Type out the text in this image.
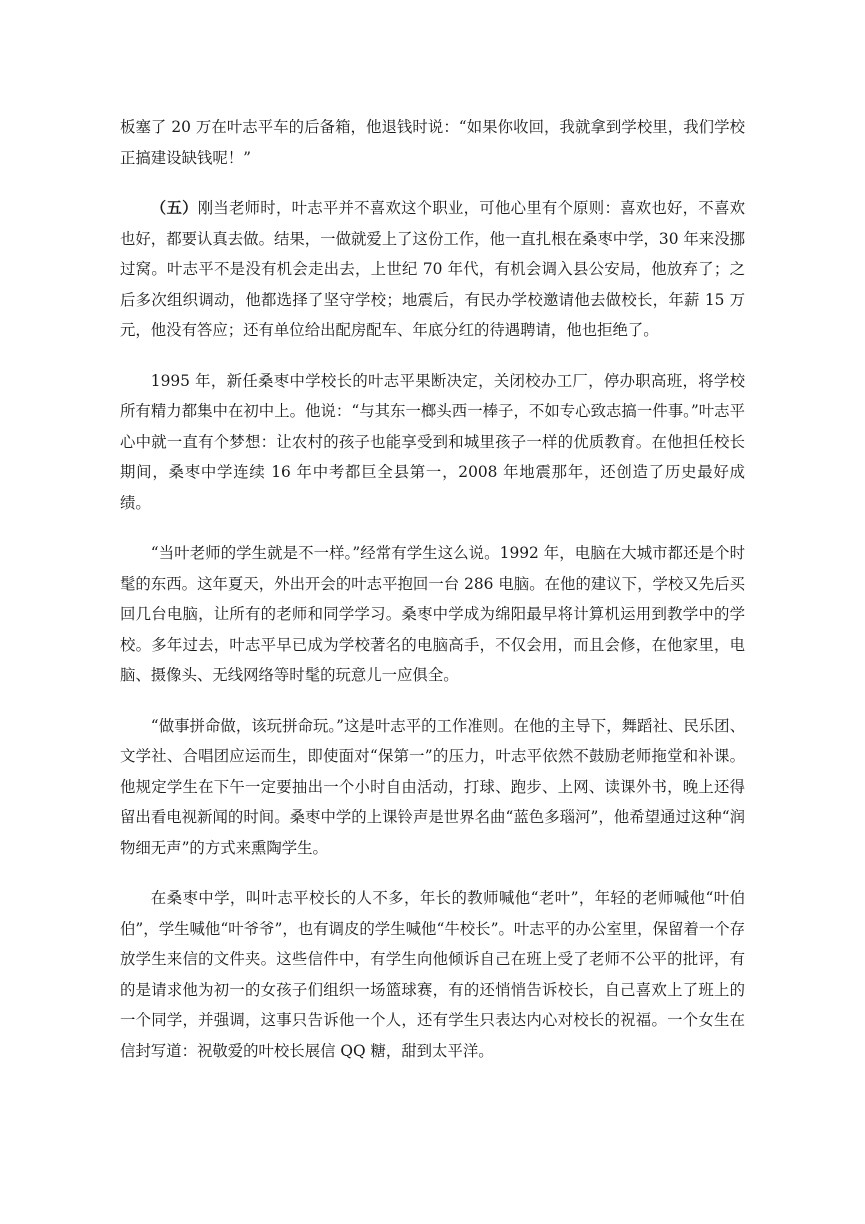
板塞了 20 万在叶志平车的后备箱，他退钱时说：“如果你收回，我就拿到学校里，我们学校正搞建设缺钱呢！”

（五）刚当老师时，叶志平并不喜欢这个职业，可他心里有个原则：喜欢也好，不喜欢也好，都要认真去做。结果，一做就爱上了这份工作，他一直扎根在桑枣中学，30 年来没挪过窝。叶志平不是没有机会走出去，上世纪 70 年代，有机会调入县公安局，他放弃了；之后多次组织调动，他都选择了坚守学校；地震后，有民办学校邀请他去做校长，年薪 15 万元，他没有答应；还有单位给出配房配车、年底分红的待遇聘请，他也拒绝了。

1995 年，新任桑枣中学校长的叶志平果断决定，关闭校办工厂，停办职高班，将学校所有精力都集中在初中上。他说：“与其东一榔头西一棒子，不如专心致志搞一件事。”叶志平心中就一直有个梦想：让农村的孩子也能享受到和城里孩子一样的优质教育。在他担任校长期间，桑枣中学连续 16 年中考都巨全县第一，2008 年地震那年，还创造了历史最好成绩。

“当叶老师的学生就是不一样。”经常有学生这么说。1992 年，电脑在大城市都还是个时髦的东西。这年夏天，外出开会的叶志平抱回一台 286 电脑。在他的建议下，学校又先后买回几台电脑，让所有的老师和同学学习。桑枣中学成为绵阳最早将计算机运用到教学中的学校。多年过去，叶志平早已成为学校著名的电脑高手，不仅会用，而且会修，在他家里，电脑、摄像头、无线网络等时髦的玩意儿一应俱全。

“做事拼命做，该玩拼命玩。”这是叶志平的工作准则。在他的主导下，舞蹈社、民乐团、文学社、合唱团应运而生，即使面对“保第一”的压力，叶志平依然不鼓励老师拖堂和补课。他规定学生在下午一定要抽出一个小时自由活动，打球、跑步、上网、读课外书，晚上还得留出看电视新闻的时间。桑枣中学的上课铃声是世界名曲“蓝色多瑙河”，他希望通过这种“润物细无声”的方式来熏陶学生。

在桑枣中学，叫叶志平校长的人不多，年长的教师喊他“老叶”，年轻的老师喊他“叶伯伯”，学生喊他“叶爷爷”，也有调皮的学生喊他“牛校长”。叶志平的办公室里，保留着一个存放学生来信的文件夹。这些信件中，有学生向他倾诉自己在班上受了老师不公平的批评，有的是请求他为初一的女孩子们组织一场篮球赛，有的还悄悄告诉校长，自己喜欢上了班上的一个同学，并强调，这事只告诉他一个人，还有学生只表达内心对校长的祝福。一个女生在信封写道：祝敬爱的叶校长展信 QQ 糖，甜到太平洋。
